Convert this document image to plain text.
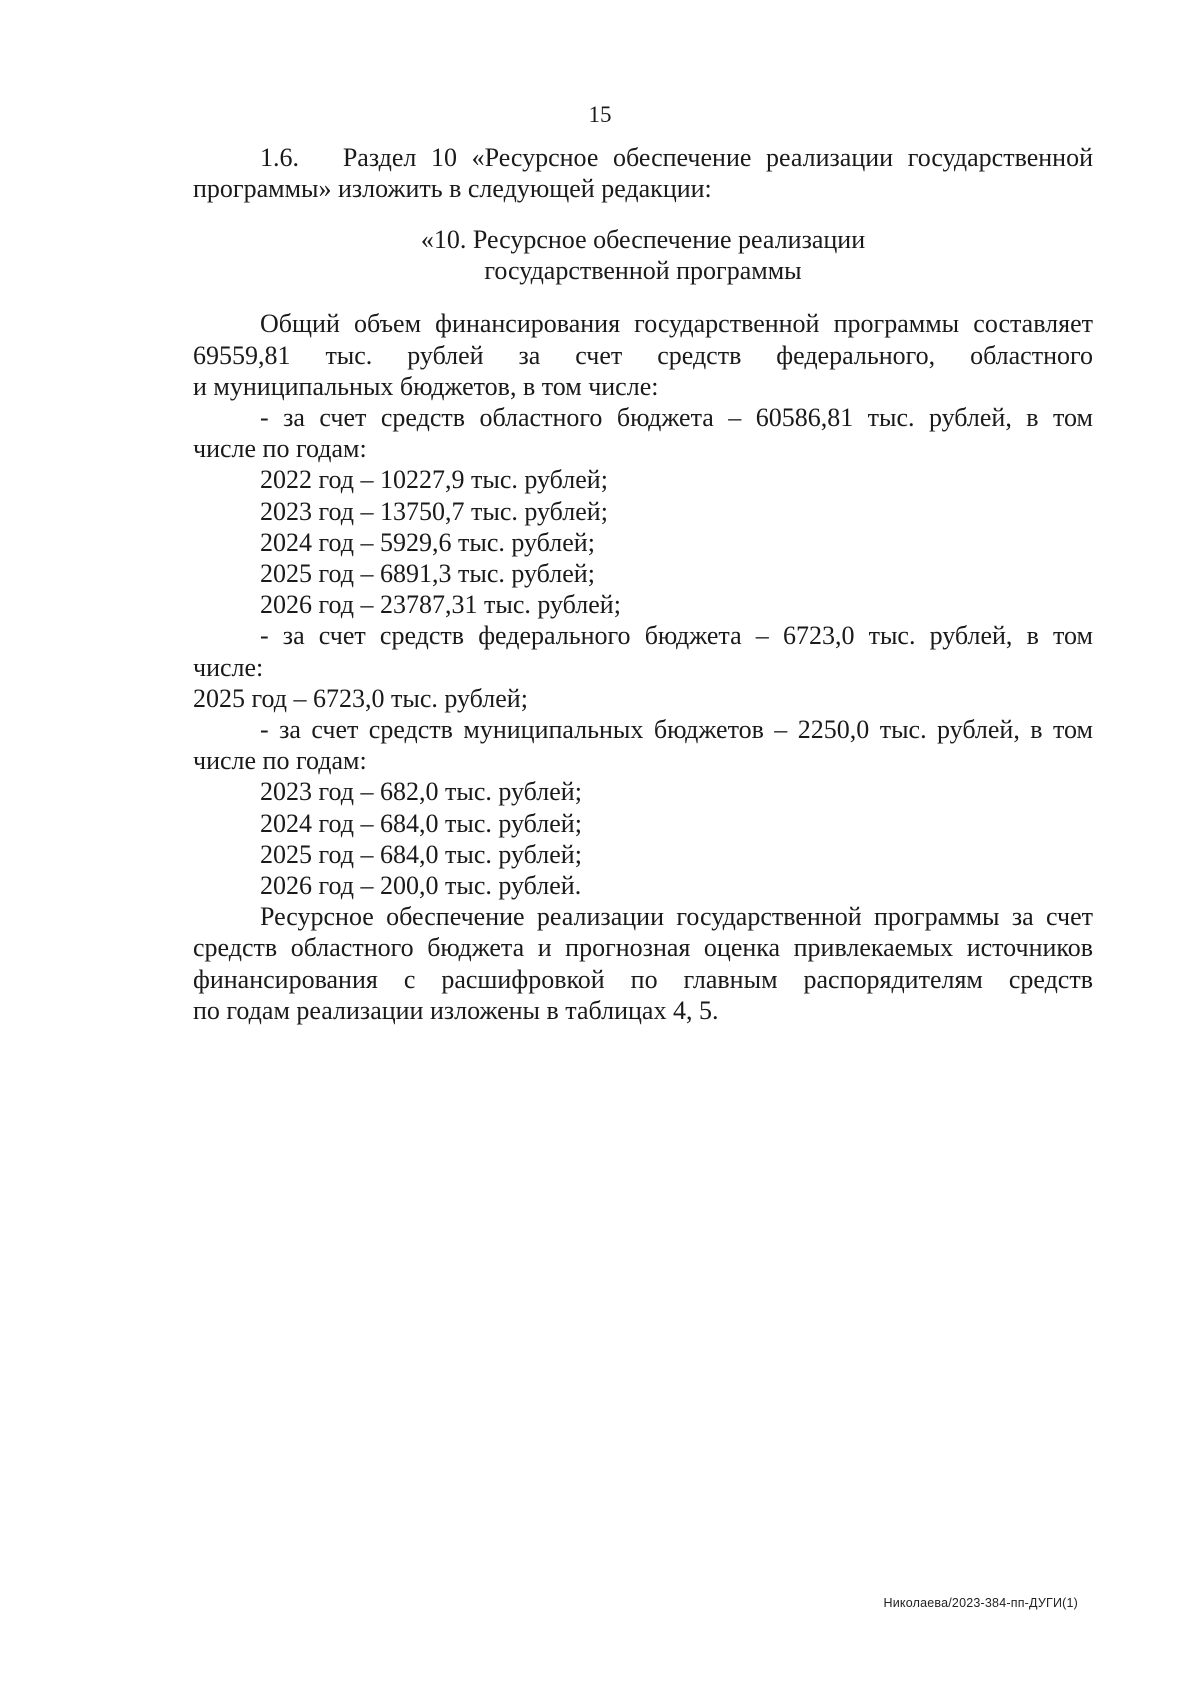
15

1.6.   Раздел 10 «Ресурсное обеспечение реализации государственной

программы» изложить в следующей редакции:

«10. Ресурсное обеспечение реализации
государственной программы

Общий объем финансирования государственной программы составляет

69559,81 тыс. рублей за счет средств федерального, областного

и муниципальных бюджетов, в том числе:

- за счет средств областного бюджета – 60586,81 тыс. рублей, в том

числе по годам:

2022 год – 10227,9 тыс. рублей;

2023 год – 13750,7 тыс. рублей;

2024 год – 5929,6 тыс. рублей;

2025 год – 6891,3 тыс. рублей;

2026 год – 23787,31 тыс. рублей;

- за счет средств федерального бюджета – 6723,0 тыс. рублей, в том

числе:

2025 год – 6723,0 тыс. рублей;

- за счет средств муниципальных бюджетов – 2250,0 тыс. рублей, в том

числе по годам:

2023 год – 682,0 тыс. рублей;

2024 год – 684,0 тыс. рублей;

2025 год – 684,0 тыс. рублей;

2026 год – 200,0 тыс. рублей.

Ресурсное обеспечение реализации государственной программы за счет

средств областного бюджета и прогнозная оценка привлекаемых источников

финансирования с расшифровкой по главным распорядителям средств

по годам реализации изложены в таблицах 4, 5.

Николаева/2023-384-пп-ДУГИ(1)
